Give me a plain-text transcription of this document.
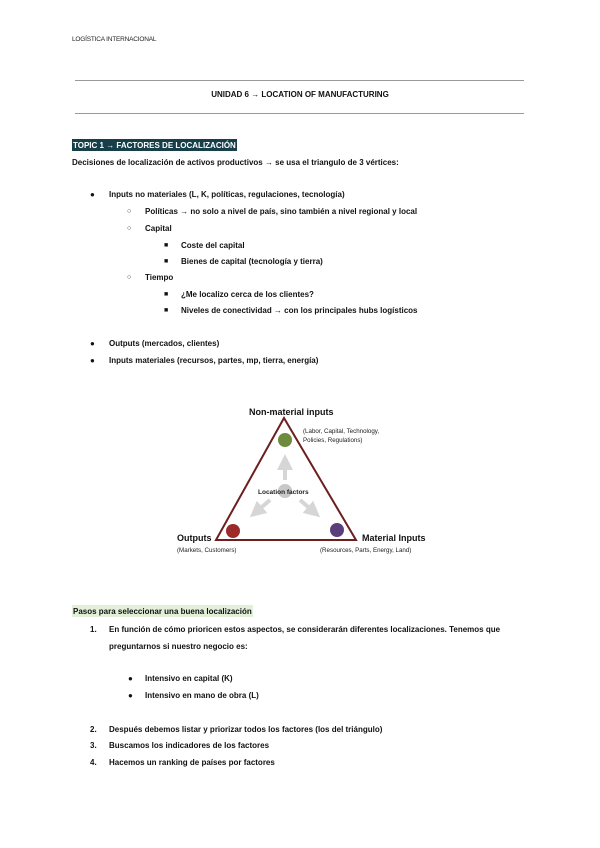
LOGÍSTICA INTERNACIONAL
UNIDAD 6 → LOCATION OF MANUFACTURING
TOPIC 1 → FACTORES DE LOCALIZACIÓN
Decisiones de localización de activos productivos → se usa el triangulo de 3 vértices:
● Inputs no materiales (L, K, políticas, regulaciones, tecnología)
○ Políticas → no solo a nivel de país, sino también a nivel regional y local
○ Capital
■ Coste del capital
■ Bienes de capital (tecnología y tierra)
○ Tiempo
■ ¿Me localizo cerca de los clientes?
■ Niveles de conectividad → con los principales hubs logísticos
● Outputs (mercados, clientes)
● Inputs materiales (recursos, partes, mp, tierra, energía)
Non-material inputs
(Labor, Capital, Technology,
Policies, Regulations)
Location factors
Outputs
(Markets, Customers)
Material Inputs
(Resources, Parts, Energy, Land)
Pasos para seleccionar una buena localización
1. En función de cómo prioricen estos aspectos, se considerarán diferentes localizaciones. Tenemos que
preguntarnos si nuestro negocio es:
● Intensivo en capital (K)
● Intensivo en mano de obra (L)
2. Después debemos listar y priorizar todos los factores (los del triángulo)
3. Buscamos los indicadores de los factores
4. Hacemos un ranking de países por factores
